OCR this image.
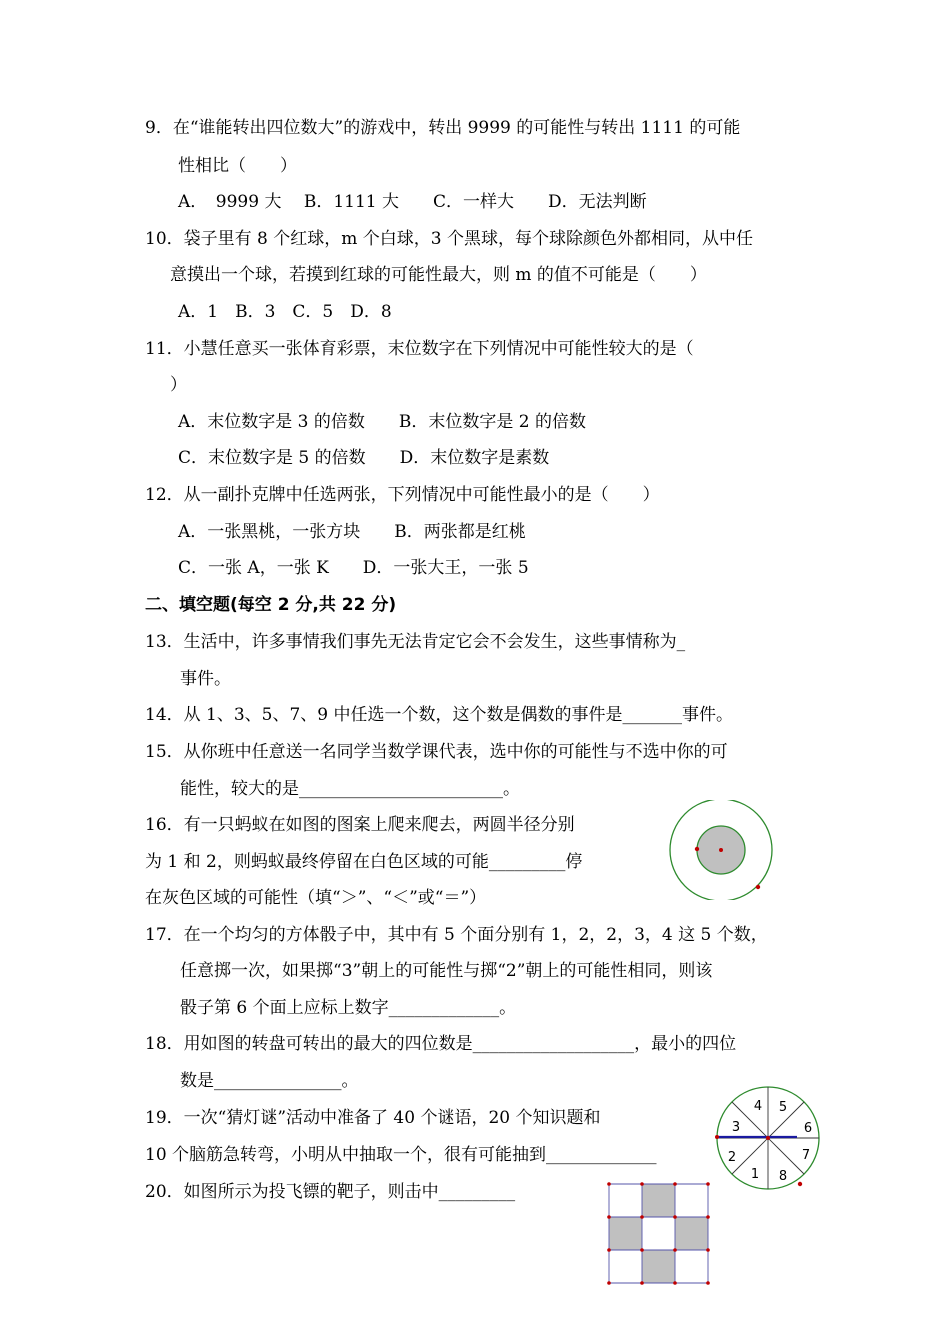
9．在“谁能转出四位数大”的游戏中，转出 9999 的可能性与转出 1111 的可能
性相比（　　）
A．　9999 大　 B．1111 大　　C．一样大　　D．无法判断
10．袋子里有 8 个红球，m 个白球，3 个黑球，每个球除颜色外都相同，从中任
意摸出一个球，若摸到红球的可能性最大，则 m 的值不可能是（　　）
A．1　B．3　C．5　D．8
11．小慧任意买一张体育彩票，末位数字在下列情况中可能性较大的是（
）
A．末位数字是 3 的倍数　　B．末位数字是 2 的倍数
C．末位数字是 5 的倍数　　D．末位数字是素数
12．从一副扑克牌中任选两张，下列情况中可能性最小的是（　　）
A．一张黑桃，一张方块　　B．两张都是红桃
C．一张 A，一张 K　　D．一张大王，一张 5
二、填空题(每空 2 分,共 22 分)
13．生活中，许多事情我们事先无法肯定它会不会发生，这些事情称为_
事件。
14．从 1、3、5、7、9 中任选一个数，这个数是偶数的事件是_______事件。
15．从你班中任意送一名同学当数学课代表，选中你的可能性与不选中你的可
能性，较大的是________________________。
16．有一只蚂蚁在如图的图案上爬来爬去，两圆半径分别
为 1 和 2，则蚂蚁最终停留在白色区域的可能_________停
在灰色区域的可能性（填“＞”、“＜”或“＝”）
17．在一个均匀的方体骰子中，其中有 5 个面分别有 1，2，2，3，4 这 5 个数，
任意掷一次，如果掷“3”朝上的可能性与掷“2”朝上的可能性相同，则该
骰子第 6 个面上应标上数字_____________。
18．用如图的转盘可转出的最大的四位数是___________________，最小的四位
数是_______________。
19．一次“猜灯谜”活动中准备了 40 个谜语，20 个知识题和
10 个脑筋急转弯，小明从中抽取一个，很有可能抽到_____________
4 5
6
7
8
1
2
3
20．如图所示为投飞镖的靶子，则击中_________
